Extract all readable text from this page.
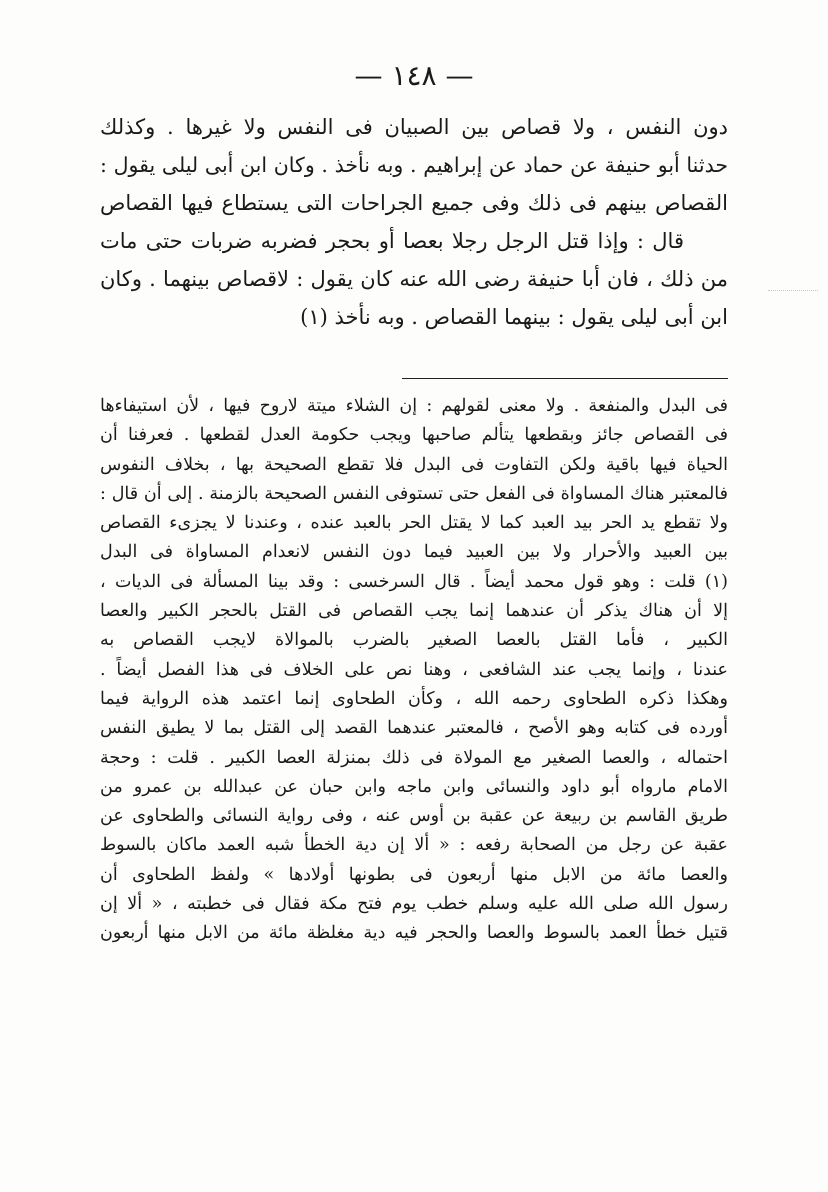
— ١٤٨ —
دون النفس ، ولا قصاص بين الصبيان فى النفس ولا غيرها . وكذلك
حدثنا أبو حنيفة عن حماد عن إبراهيم . وبه نأخذ . وكان ابن أبى ليلى يقول :
القصاص بينهم فى ذلك وفى جميع الجراحات التى يستطاع فيها القصاص
قال : وإذا قتل الرجل رجلا بعصا أو بحجر فضربه ضربات حتى مات
من ذلك ، فان أبا حنيفة رضى الله عنه كان يقول : لاقصاص بينهما . وكان
ابن أبى ليلى يقول : بينهما القصاص . وبه نأخذ (١)
فى البدل والمنفعة . ولا معنى لقولهم : إن الشلاء ميتة لاروح فيها ، لأن استيفاءها
فى القصاص جائز وبقطعها يتألم صاحبها ويجب حكومة العدل لقطعها . فعرفنا أن
الحياة فيها باقية ولكن التفاوت فى البدل فلا تقطع الصحيحة بها ، بخلاف النفوس
فالمعتبر هناك المساواة فى الفعل حتى تستوفى النفس الصحيحة بالزمنة . إلى أن قال :
ولا تقطع يد الحر بيد العبد كما لا يقتل الحر بالعبد عنده ، وعندنا لا يجزىء القصاص
بين العبيد والأحرار ولا بين العبيد فيما دون النفس لانعدام المساواة فى البدل
(١) قلت : وهو قول محمد أيضاً . قال السرخسى : وقد بينا المسألة فى الديات ،
إلا أن هناك يذكر أن عندهما إنما يجب القصاص فى القتل بالحجر الكبير والعصا
الكبير ، فأما القتل بالعصا الصغير بالضرب بالموالاة لايجب القصاص به
عندنا ، وإنما يجب عند الشافعى ، وهنا نص على الخلاف فى هذا الفصل أيضاً .
وهكذا ذكره الطحاوى رحمه الله ، وكأن الطحاوى إنما اعتمد هذه الرواية فيما
أورده فى كتابه وهو الأصح ، فالمعتبر عندهما القصد إلى القتل بما لا يطيق النفس
احتماله ، والعصا الصغير مع المولاة فى ذلك بمنزلة العصا الكبير . قلت : وحجة
الامام مارواه أبو داود والنسائى وابن ماجه وابن حبان عن عبدالله بن عمرو من
طريق القاسم بن ربيعة عن عقبة بن أوس عنه ، وفى رواية النسائى والطحاوى عن
عقبة عن رجل من الصحابة رفعه : « ألا إن دية الخطأ شبه العمد ماكان بالسوط
والعصا مائة من الابل منها أربعون فى بطونها أولادها » ولفظ الطحاوى أن
رسول الله صلى الله عليه وسلم خطب يوم فتح مكة فقال فى خطبته ، « ألا إن
قتيل خطأ العمد بالسوط والعصا والحجر فيه دية مغلظة مائة من الابل منها أربعون
